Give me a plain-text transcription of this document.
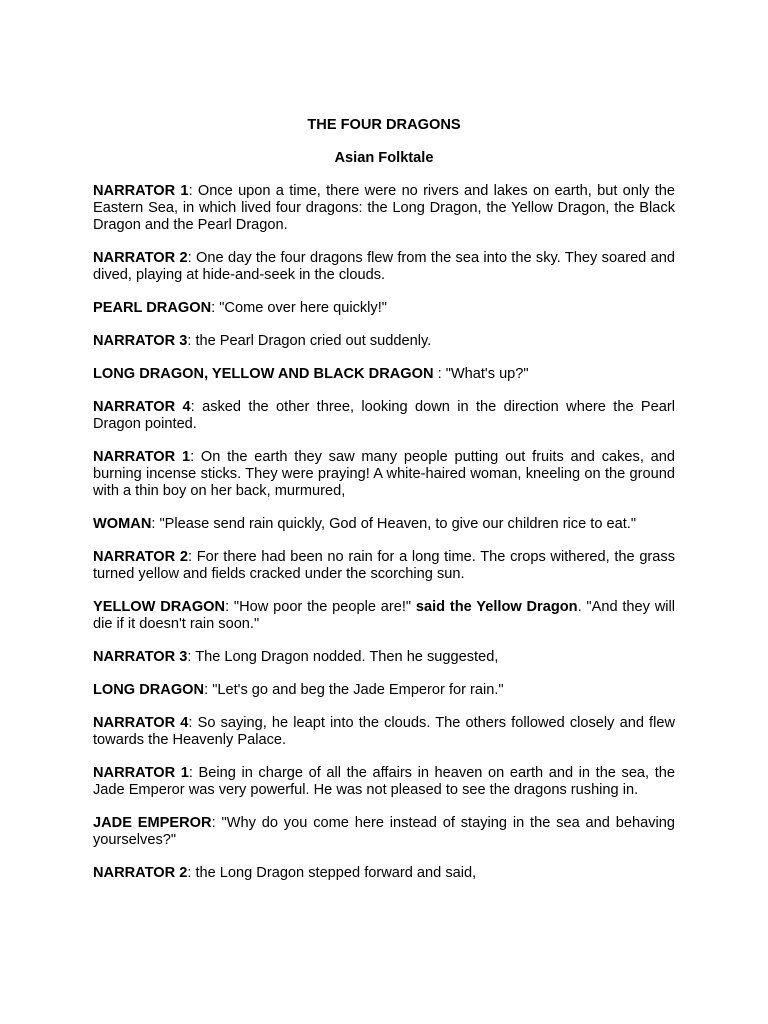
THE FOUR DRAGONS

Asian Folktale

NARRATOR 1: Once upon a time, there were no rivers and lakes on earth, but only the Eastern Sea, in which lived four dragons: the Long Dragon, the Yellow Dragon, the Black Dragon and the Pearl Dragon.

NARRATOR 2: One day the four dragons flew from the sea into the sky. They soared and dived, playing at hide-and-seek in the clouds.

PEARL DRAGON: "Come over here quickly!"

NARRATOR 3: the Pearl Dragon cried out suddenly.

LONG DRAGON, YELLOW AND BLACK DRAGON : "What's up?"

NARRATOR 4: asked the other three, looking down in the direction where the Pearl Dragon pointed.

NARRATOR 1: On the earth they saw many people putting out fruits and cakes, and burning incense sticks. They were praying! A white-haired woman, kneeling on the ground with a thin boy on her back, murmured,

WOMAN: "Please send rain quickly, God of Heaven, to give our children rice to eat."

NARRATOR 2: For there had been no rain for a long time. The crops withered, the grass turned yellow and fields cracked under the scorching sun.

YELLOW DRAGON: "How poor the people are!" said the Yellow Dragon. "And they will die if it doesn't rain soon."

NARRATOR 3: The Long Dragon nodded. Then he suggested,

LONG DRAGON: "Let's go and beg the Jade Emperor for rain."

NARRATOR 4: So saying, he leapt into the clouds. The others followed closely and flew towards the Heavenly Palace.

NARRATOR 1: Being in charge of all the affairs in heaven on earth and in the sea, the Jade Emperor was very powerful. He was not pleased to see the dragons rushing in.

JADE EMPEROR: "Why do you come here instead of staying in the sea and behaving yourselves?"

NARRATOR 2: the Long Dragon stepped forward and said,
